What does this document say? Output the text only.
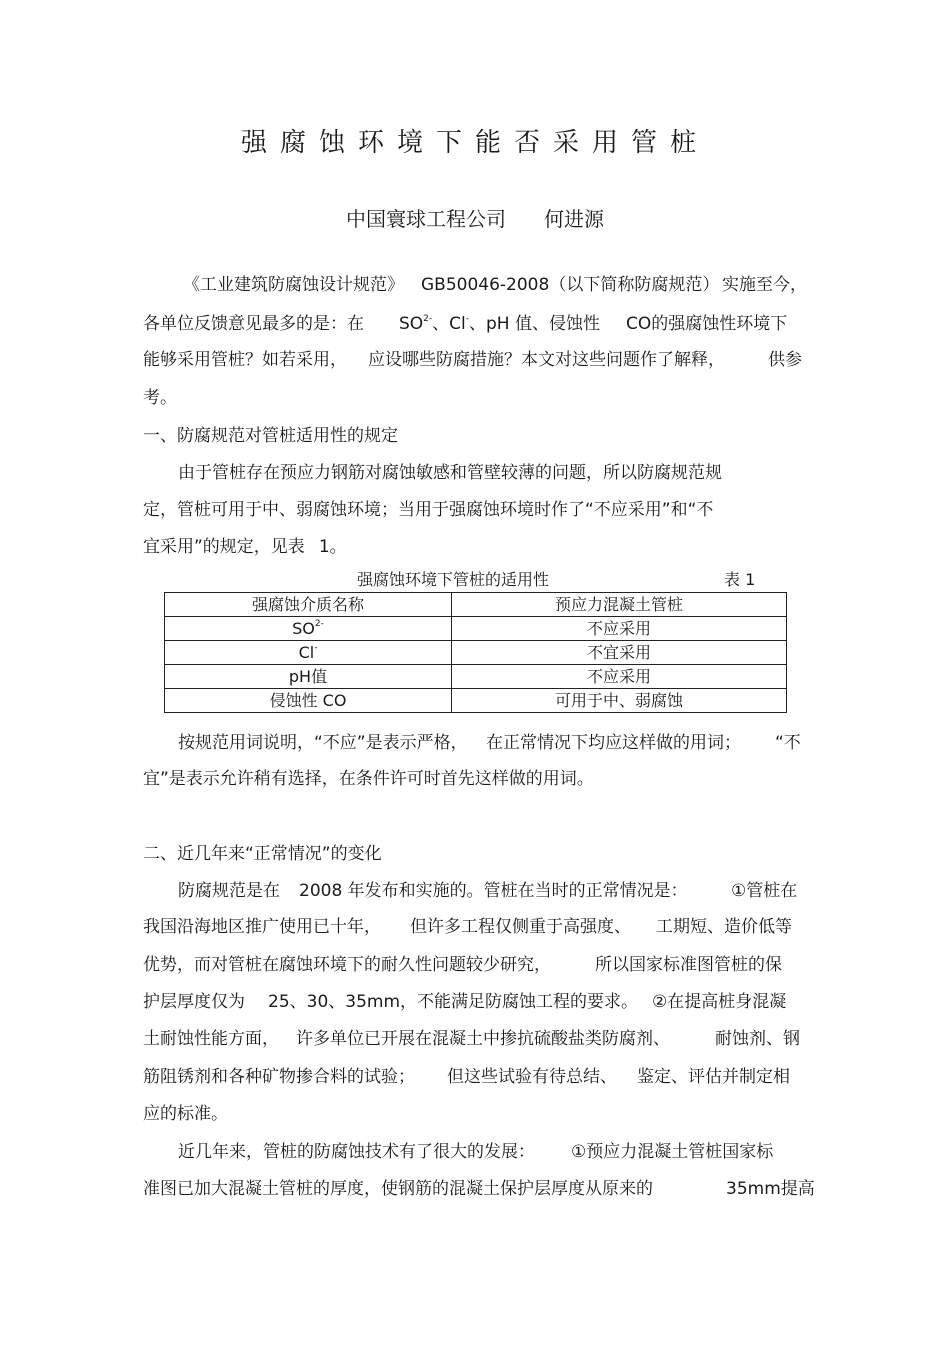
强腐蚀环境下能否采用管桩
中国寰球工程公司 何进源
《工业建筑防腐蚀设计规范》 GB50046-2008（以下简称防腐规范） 实施至今，
各单位反馈意见最多的是：在 $SO^{2-}$、Cl-、pH 值、侵蚀性 CO的强腐蚀性环境下
能够采用管桩？如若采用， 应设哪些防腐措施？本文对这些问题作了解释，	供参
考。
一、防腐规范对管桩适用性的规定
由于管桩存在预应力钢筋对腐蚀敏感和管壁较薄的问题，所以防腐规范规
定，管桩可用于中、弱腐蚀环境；当用于强腐蚀环境时作了“不应采用”和“不
宜采用”的规定，见表 1。
强腐蚀环境下管桩的适用性	表 1
强腐蚀介质名称	预应力混凝土管桩
$SO^{2-}$	不应采用
Cl-	不宜采用
pH值	不应采用
侵蚀性 CO	可用于中、弱腐蚀
按规范用词说明，“不应”是表示严格， 在正常情况下均应这样做的用词； “不
宜”是表示允许稍有选择，在条件许可时首先这样做的用词。
二、近几年来“正常情况”的变化
防腐规范是在 2008 年发布和实施的。管桩在当时的正常情况是：	①管桩在
我国沿海地区推广使用已十年， 但许多工程仅侧重于高强度、 工期短、造价低等
优势，而对管桩在腐蚀环境下的耐久性问题较少研究，	所以国家标准图管桩的保
护层厚度仅为 25、30、35mm，不能满足防腐蚀工程的要求。 ②在提高桩身混凝
土耐蚀性能方面， 许多单位已开展在混凝土中掺抗硫酸盐类防腐剂、	耐蚀剂、钢
筋阻锈剂和各种矿物掺合料的试验； 但这些试验有待总结、 鉴定、评估并制定相
应的标准。
近几年来，管桩的防腐蚀技术有了很大的发展： ①预应力混凝土管桩国家标
准图已加大混凝土管桩的厚度，使钢筋的混凝土保护层厚度从原来的	35mm提高
